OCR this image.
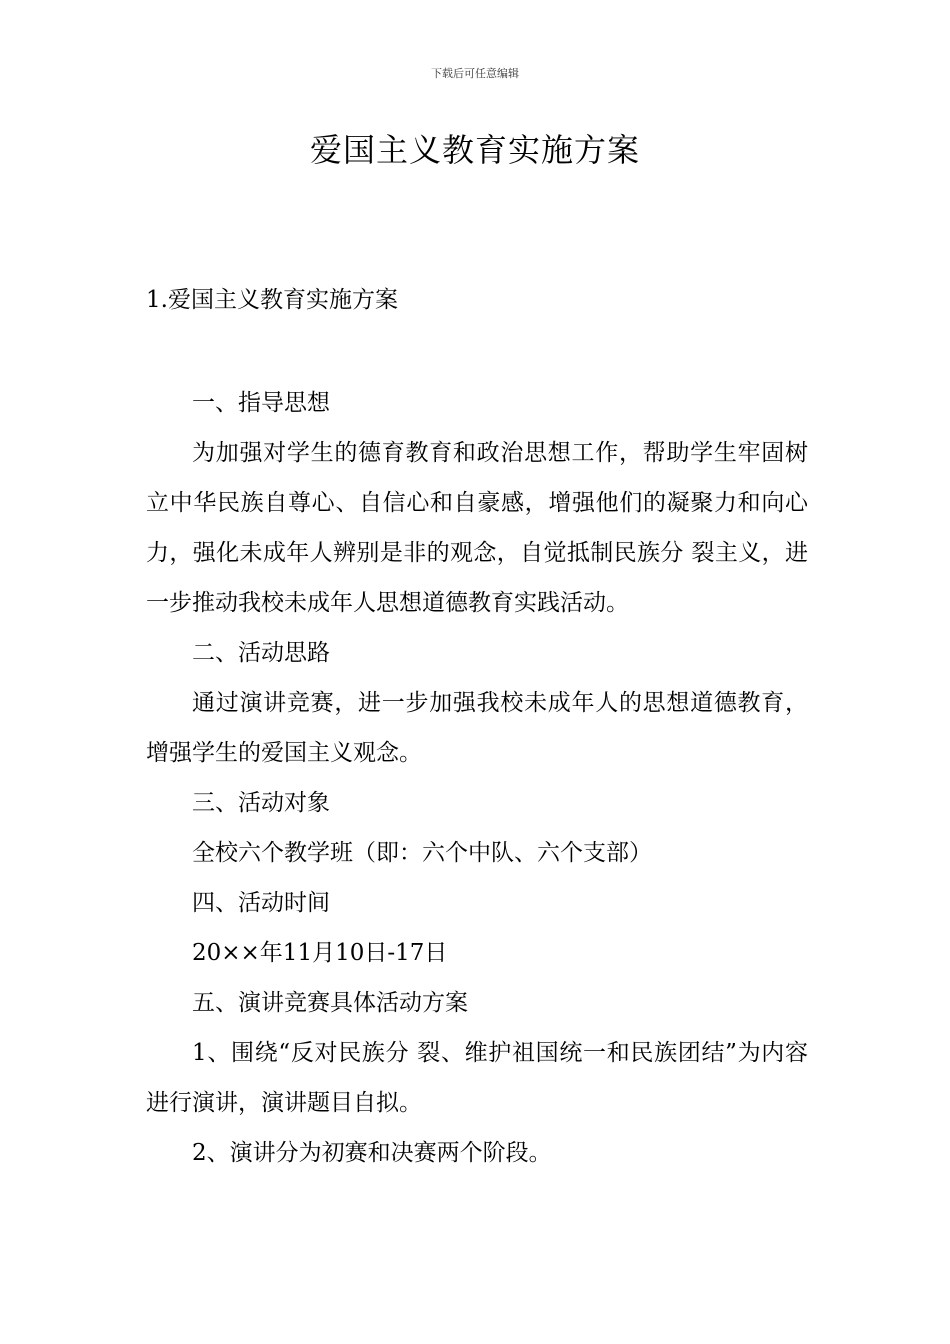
下载后可任意编辑
爱国主义教育实施方案
1.爱国主义教育实施方案

一、指导思想

为加强对学生的德育教育和政治思想工作，帮助学生牢固树立中华民族自尊心、自信心和自豪感，增强他们的凝聚力和向心力，强化未成年人辨别是非的观念，自觉抵制民族分 裂主义，进一步推动我校未成年人思想道德教育实践活动。

二、活动思路

通过演讲竞赛，进一步加强我校未成年人的思想道德教育，增强学生的爱国主义观念。

三、活动对象

全校六个教学班（即：六个中队、六个支部）

四、活动时间

20××年11月10日-17日

五、演讲竞赛具体活动方案

1、围绕“反对民族分 裂、维护祖国统一和民族团结”为内容进行演讲，演讲题目自拟。

2、演讲分为初赛和决赛两个阶段。
